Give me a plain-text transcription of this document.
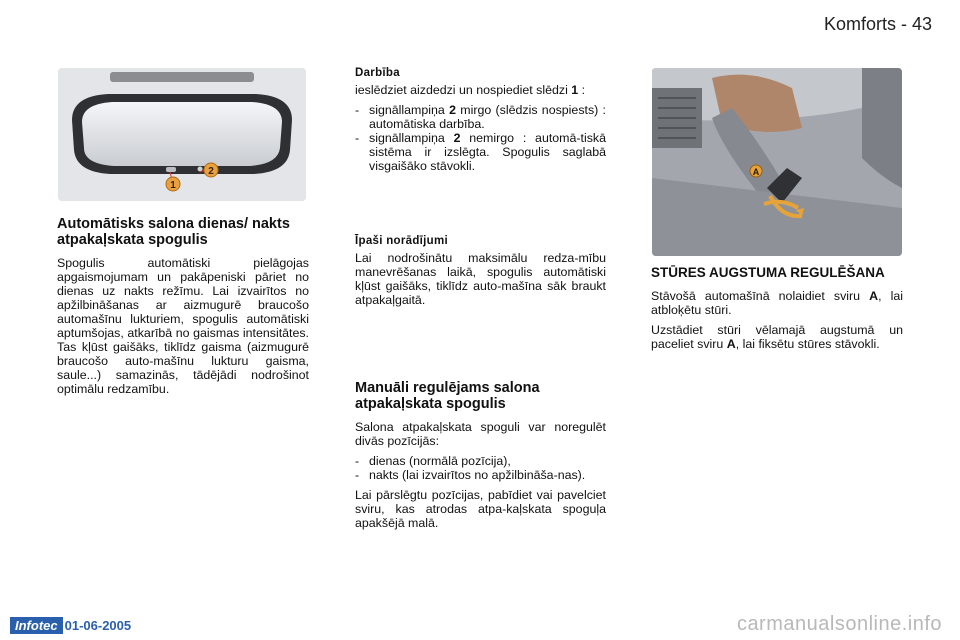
Komforts - 43
1
2
Automātisks salona dienas/ nakts atpakaļskata spogulis

Spogulis automātiski pielāgojas apgaismojumam un pakāpeniski pāriet no dienas uz nakts režīmu. Lai izvairītos no apžilbināšanas ar aizmugurē braucošo automašīnu lukturiem, spogulis automātiski aptumšojas, atkarībā no gaismas intensitātes. Tas kļūst gaišāks, tiklīdz gaisma (aizmugurē braucošo auto-mašīnu lukturu gaisma, saule...) samazinās, tādējādi nodrošinot optimālu redzamību.

Darbība

ieslēdziet aizdedzi un nospiediet slēdzi 1 :

- signāllampiņa 2 mirgo (slēdzis nospiests) : automātiska darbība.
- signāllampiņa 2 nemirgo : automā-tiskā sistēma ir izslēgta. Spogulis saglabā visgaišāko stāvokli.
Īpaši norādījumi

Lai nodrošinātu maksimālu redza-mību manevrēšanas laikā, spogulis automātiski kļūst gaišāks, tiklīdz auto-mašīna sāk braukt atpakaļgaitā.

Manuāli regulējams salona atpakaļskata spogulis

Salona atpakaļskata spoguli var noregulēt divās pozīcijās:

- dienas (normālā pozīcija),
- nakts (lai izvairītos no apžilbināša-nas).

Lai pārslēgtu pozīcijas, pabīdiet vai pavelciet sviru, kas atrodas atpa-kaļskata spoguļa apakšējā malā.

A
STŪRES AUGSTUMA REGULĒŠANA

Stāvošā automašīnā nolaidiet sviru A, lai atbloķētu stūri.

Uzstādiet stūri vēlamajā augstumā un paceliet sviru A, lai fiksētu stūres stāvokli.

Infotec 01-06-2005	carmanualsonline.info
